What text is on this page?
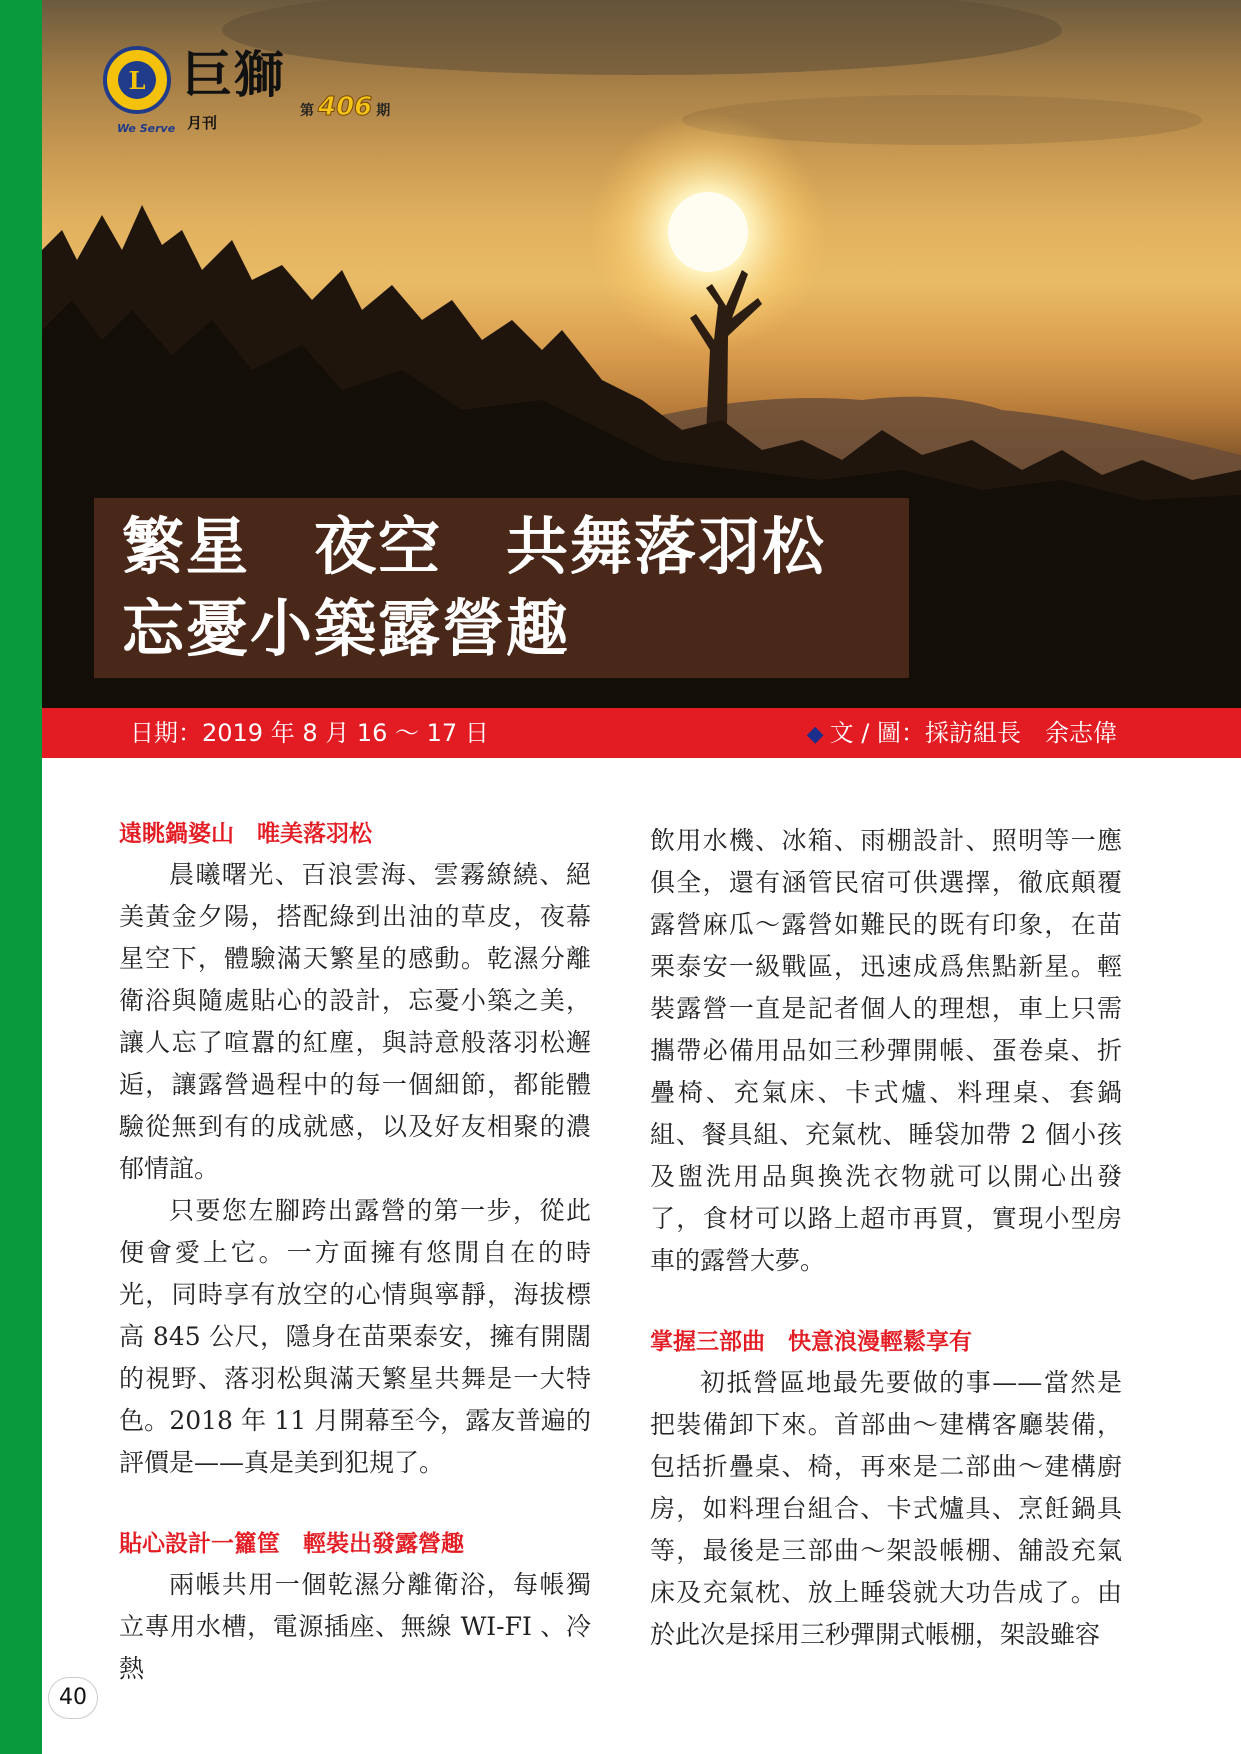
L
We Serve
巨獅
月刊
第 406 期
繁星　夜空　共舞落羽松
忘憂小築露營趣
日期：2019 年 8 月 16 ～ 17 日	◆ 文 / 圖：採訪組長　余志偉
遠眺鍋婆山　唯美落羽松

晨曦曙光、百浪雲海、雲霧繚繞、絕美黃金夕陽，搭配綠到出油的草皮，夜幕星空下，體驗滿天繁星的感動。乾濕分離衛浴與隨處貼心的設計，忘憂小築之美，讓人忘了喧囂的紅塵，與詩意般落羽松邂逅，讓露營過程中的每一個細節，都能體驗從無到有的成就感，以及好友相聚的濃郁情誼。

只要您左腳跨出露營的第一步，從此便會愛上它。一方面擁有悠閒自在的時光，同時享有放空的心情與寧靜，海拔標高 845 公尺，隱身在苗栗泰安，擁有開闊的視野、落羽松與滿天繁星共舞是一大特色。2018 年 11 月開幕至今，露友普遍的評價是——真是美到犯規了。

貼心設計一籮筐　輕裝出發露營趣

兩帳共用一個乾濕分離衛浴，每帳獨立專用水槽，電源插座、無線 WI-FI 、冷熱

飲用水機、冰箱、雨棚設計、照明等一應俱全，還有涵管民宿可供選擇，徹底顛覆露營麻瓜～露營如難民的既有印象，在苗栗泰安一級戰區，迅速成爲焦點新星。輕裝露營一直是記者個人的理想，車上只需攜帶必備用品如三秒彈開帳、蛋卷桌、折疊椅、充氣床、卡式爐、料理桌、套鍋組、餐具組、充氣枕、睡袋加帶 2 個小孩及盥洗用品與換洗衣物就可以開心出發了，食材可以路上超市再買，實現小型房車的露營大夢。

掌握三部曲　快意浪漫輕鬆享有

初抵營區地最先要做的事——當然是把裝備卸下來。首部曲～建構客廳裝備，包括折疊桌、椅，再來是二部曲～建構廚房，如料理台組合、卡式爐具、烹飪鍋具等，最後是三部曲～架設帳棚、舖設充氣床及充氣枕、放上睡袋就大功告成了。由於此次是採用三秒彈開式帳棚，架設雖容

40
